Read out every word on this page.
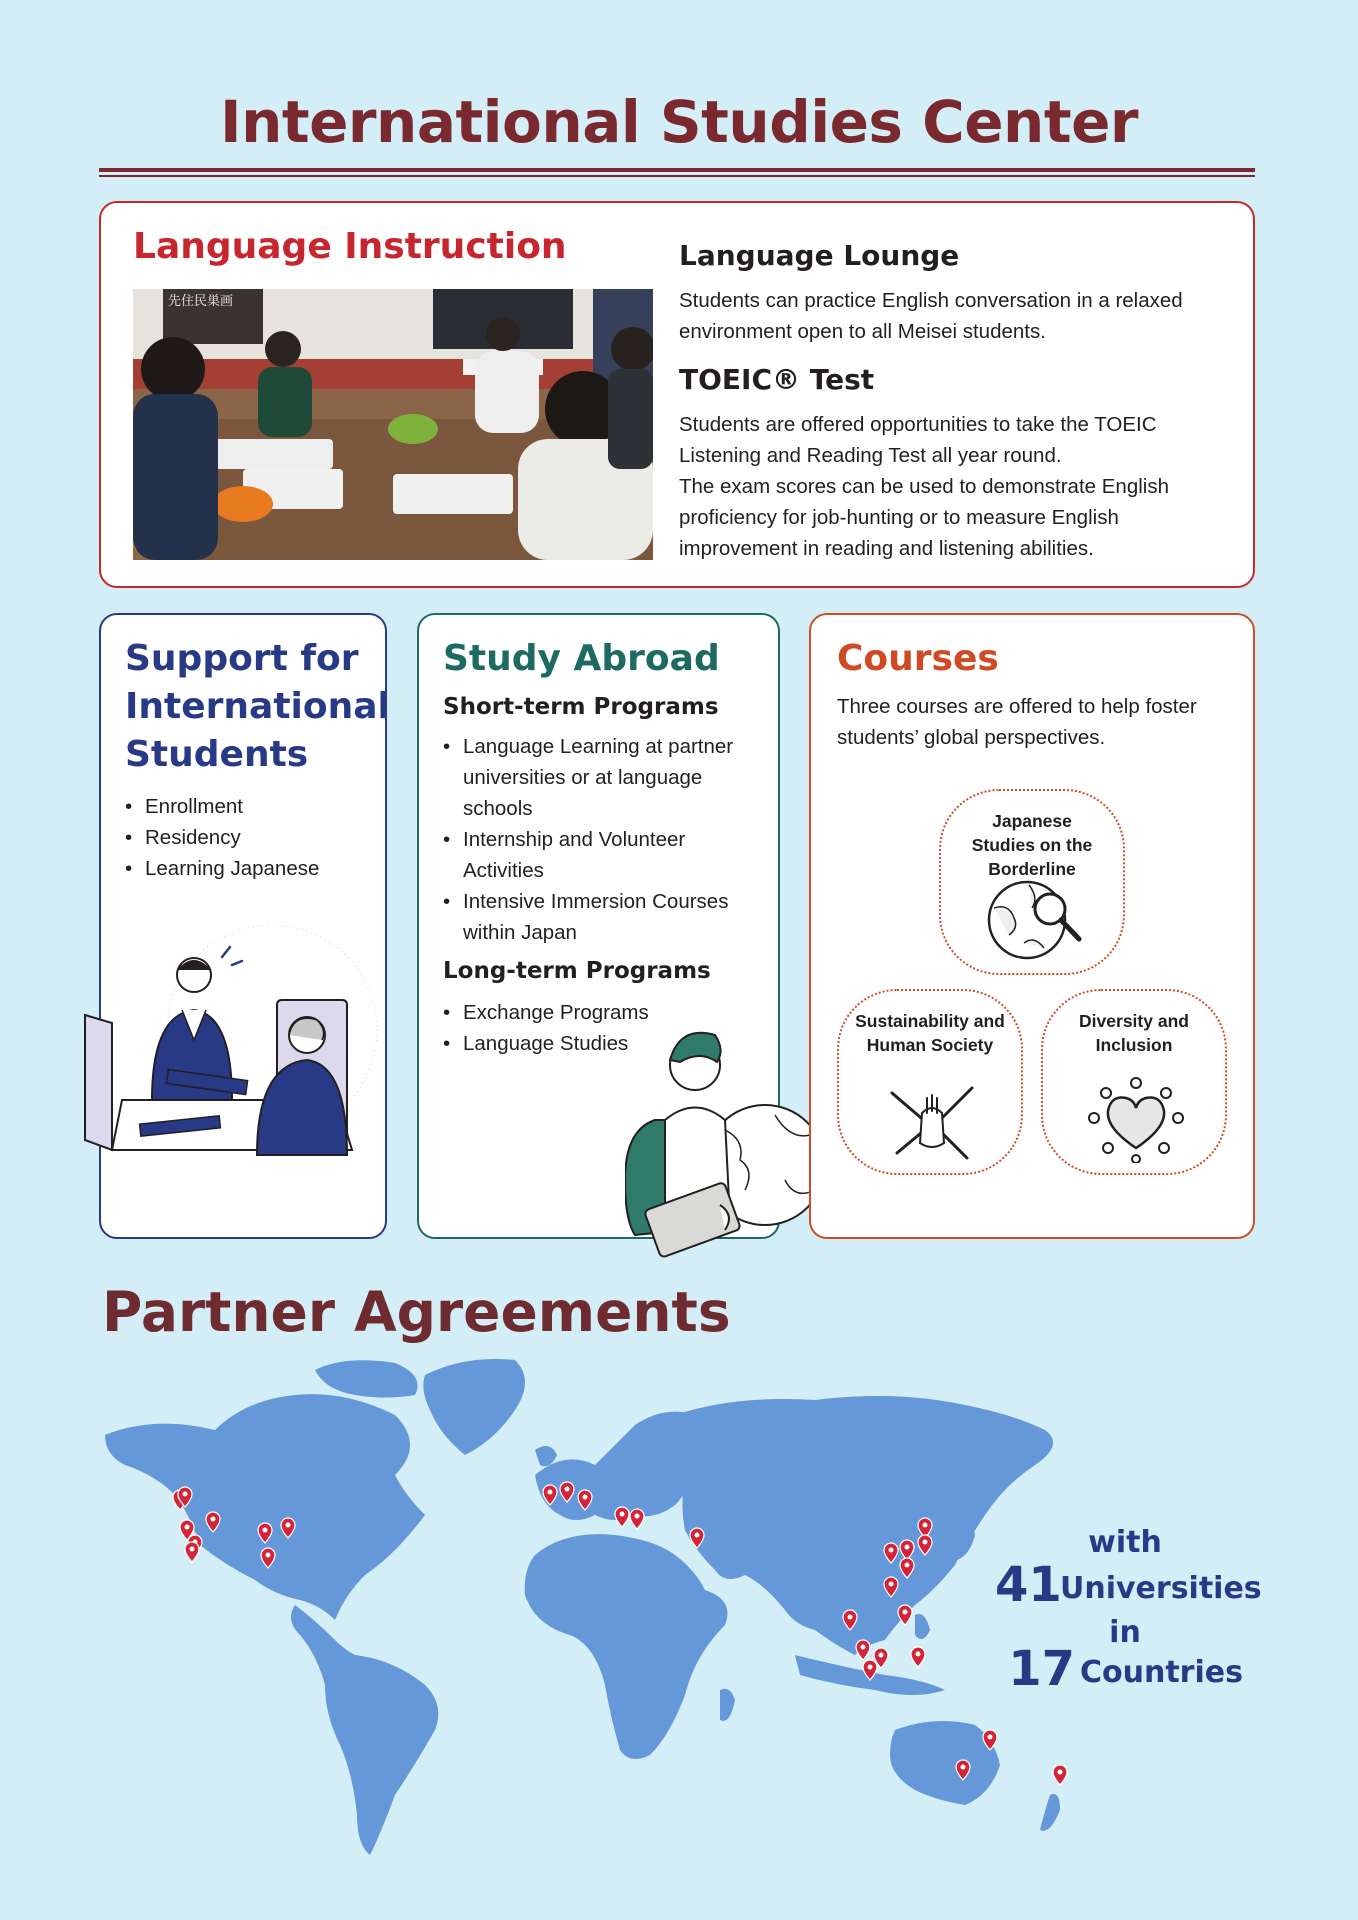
International Studies Center
Language Instruction
先住民巣画
Language Lounge

Students can practice English conversation in a relaxed environment open to all Meisei students.

TOEIC® Test

Students are offered opportunities to take the TOEIC Listening and Reading Test all year round.

The exam scores can be used to demonstrate English proficiency for job-hunting or to measure English improvement in reading and listening abilities.

Support for International Students
• Enrollment
• Residency
• Learning Japanese
Study Abroad
Short-term Programs
• Language Learning at partner universities or at language schools
• Internship and Volunteer Activities
• Intensive Immersion Courses within Japan
Long-term Programs
• Exchange Programs
• Language Studies
Courses

Three courses are offered to help foster students’ global perspectives.

Japanese Studies on the Borderline
Sustainability and Human Society
Diversity and Inclusion
Partner Agreements
with
41
Universities
in
17 Countries
